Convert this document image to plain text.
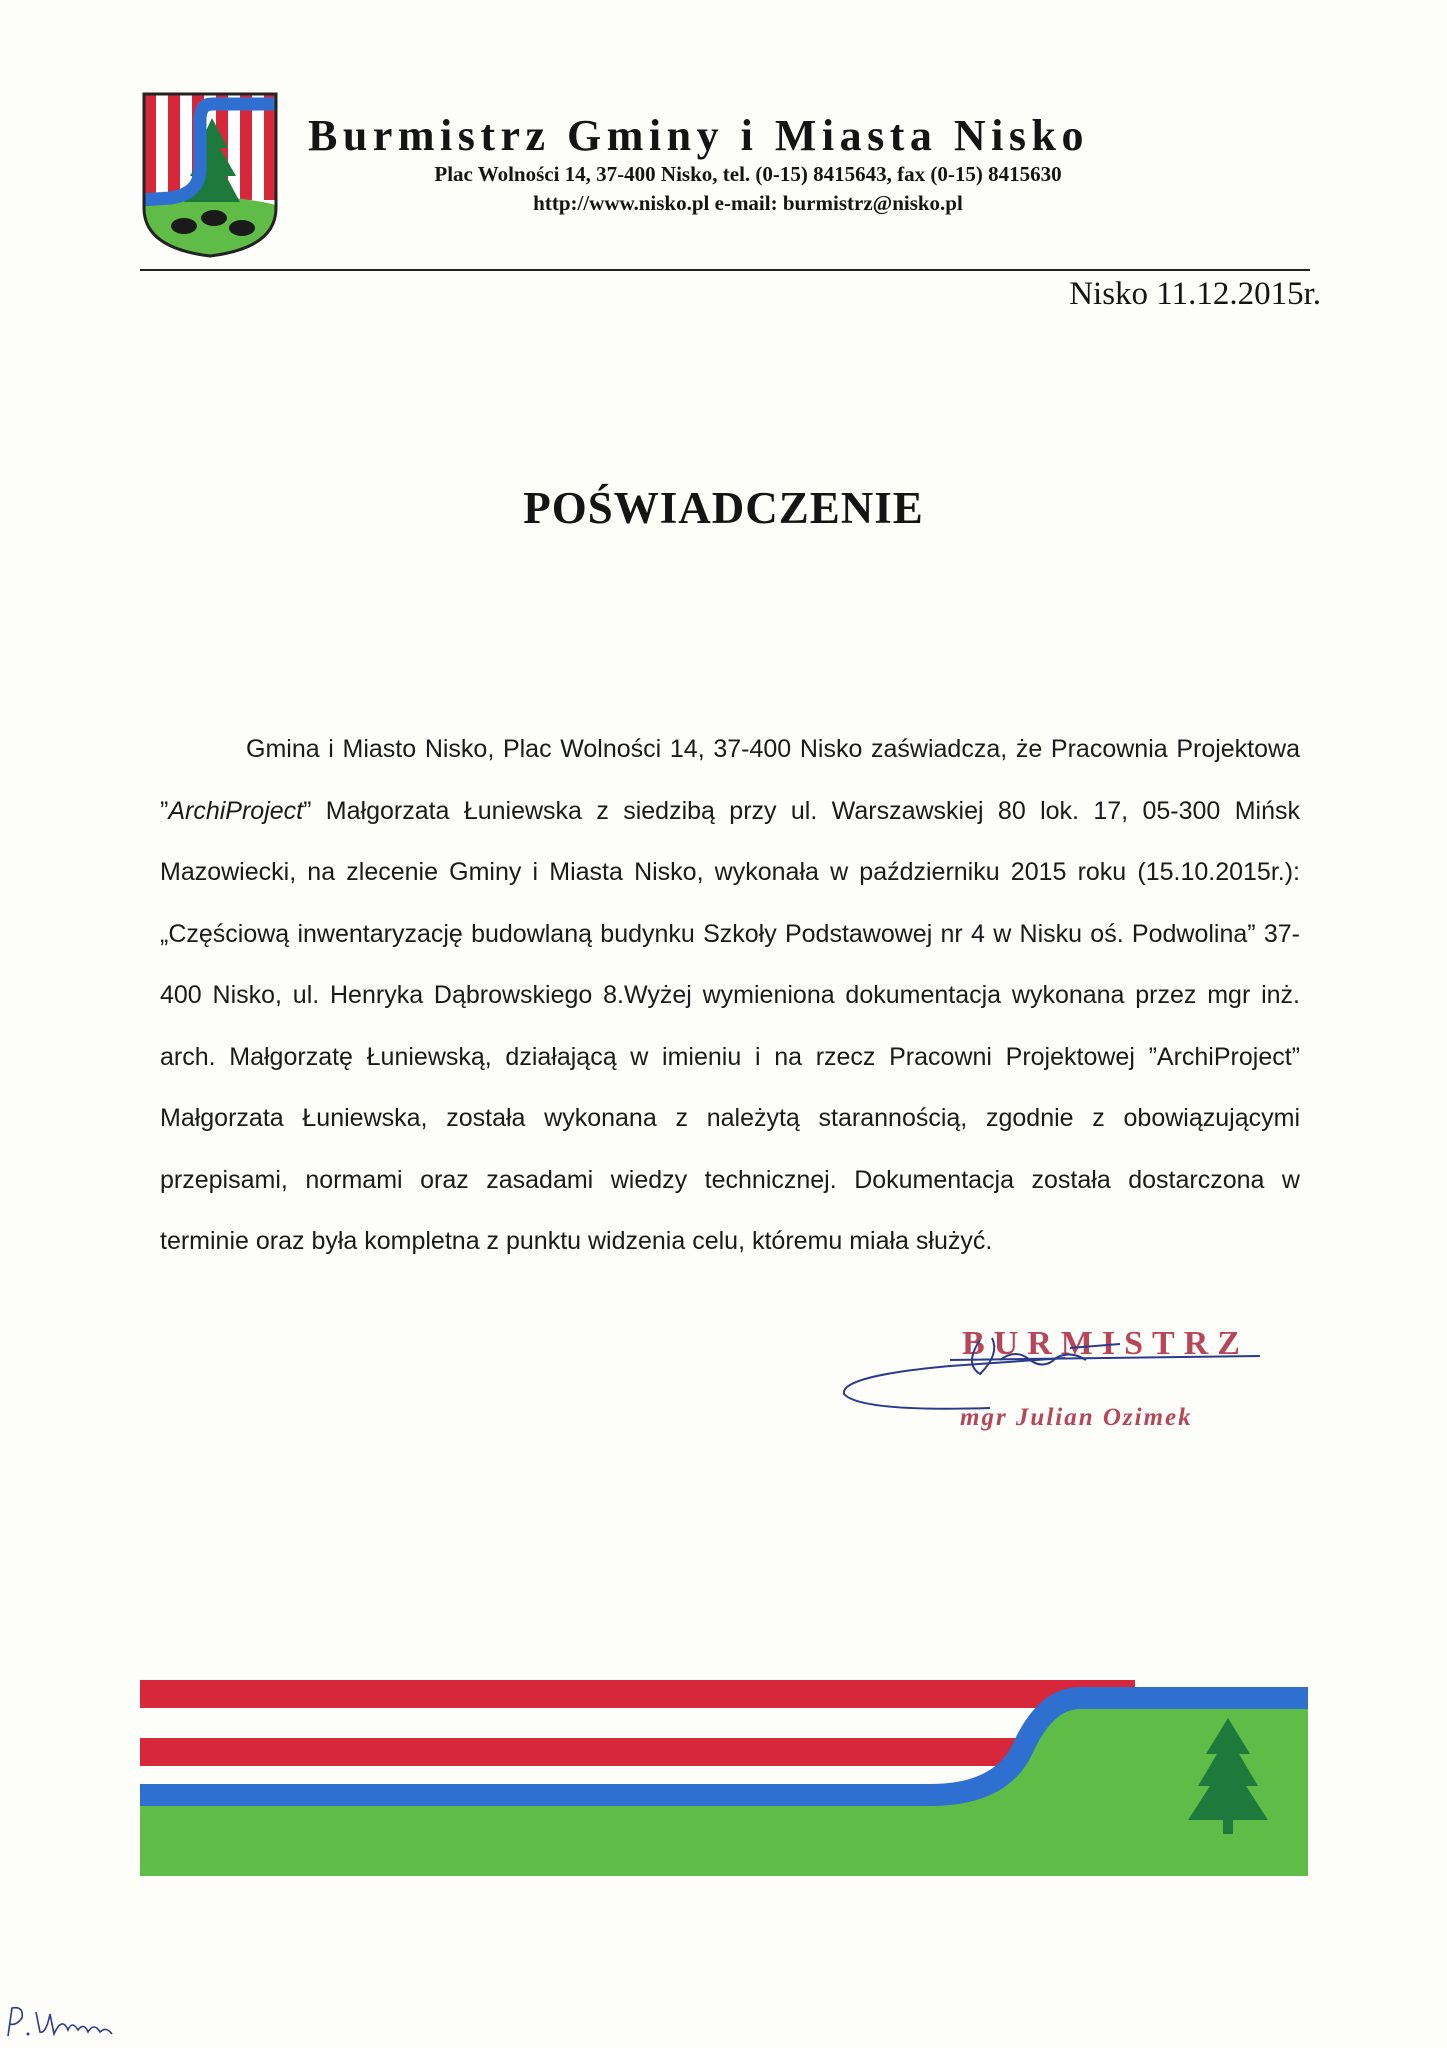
Burmistrz Gminy i Miasta Nisko
Plac Wolności 14, 37-400 Nisko, tel. (0-15) 8415643, fax (0-15) 8415630
http://www.nisko.pl e-mail: burmistrz@nisko.pl
Nisko 11.12.2015r.
POŚWIADCZENIE

Gmina i Miasto Nisko, Plac Wolności 14, 37-400 Nisko zaświadcza, że Pracownia Projektowa ”ArchiProject” Małgorzata Łuniewska z siedzibą przy ul. Warszawskiej 80 lok. 17, 05-300 Mińsk Mazowiecki, na zlecenie Gminy i Miasta Nisko, wykonała w październiku 2015 roku (15.10.2015r.): „Częściową inwentaryzację budowlaną budynku Szkoły Podstawowej nr 4 w Nisku oś. Podwolina” 37-400 Nisko, ul. Henryka Dąbrowskiego 8.Wyżej wymieniona dokumentacja wykonana przez mgr inż. arch. Małgorzatę Łuniewską, działającą w imieniu i na rzecz Pracowni Projektowej ”ArchiProject” Małgorzata Łuniewska, została wykonana z należytą starannością, zgodnie z obowiązującymi przepisami, normami oraz zasadami wiedzy technicznej. Dokumentacja została dostarczona w terminie oraz była kompletna z punktu widzenia celu, któremu miała służyć.

BURMISTRZ
mgr Julian Ozimek
